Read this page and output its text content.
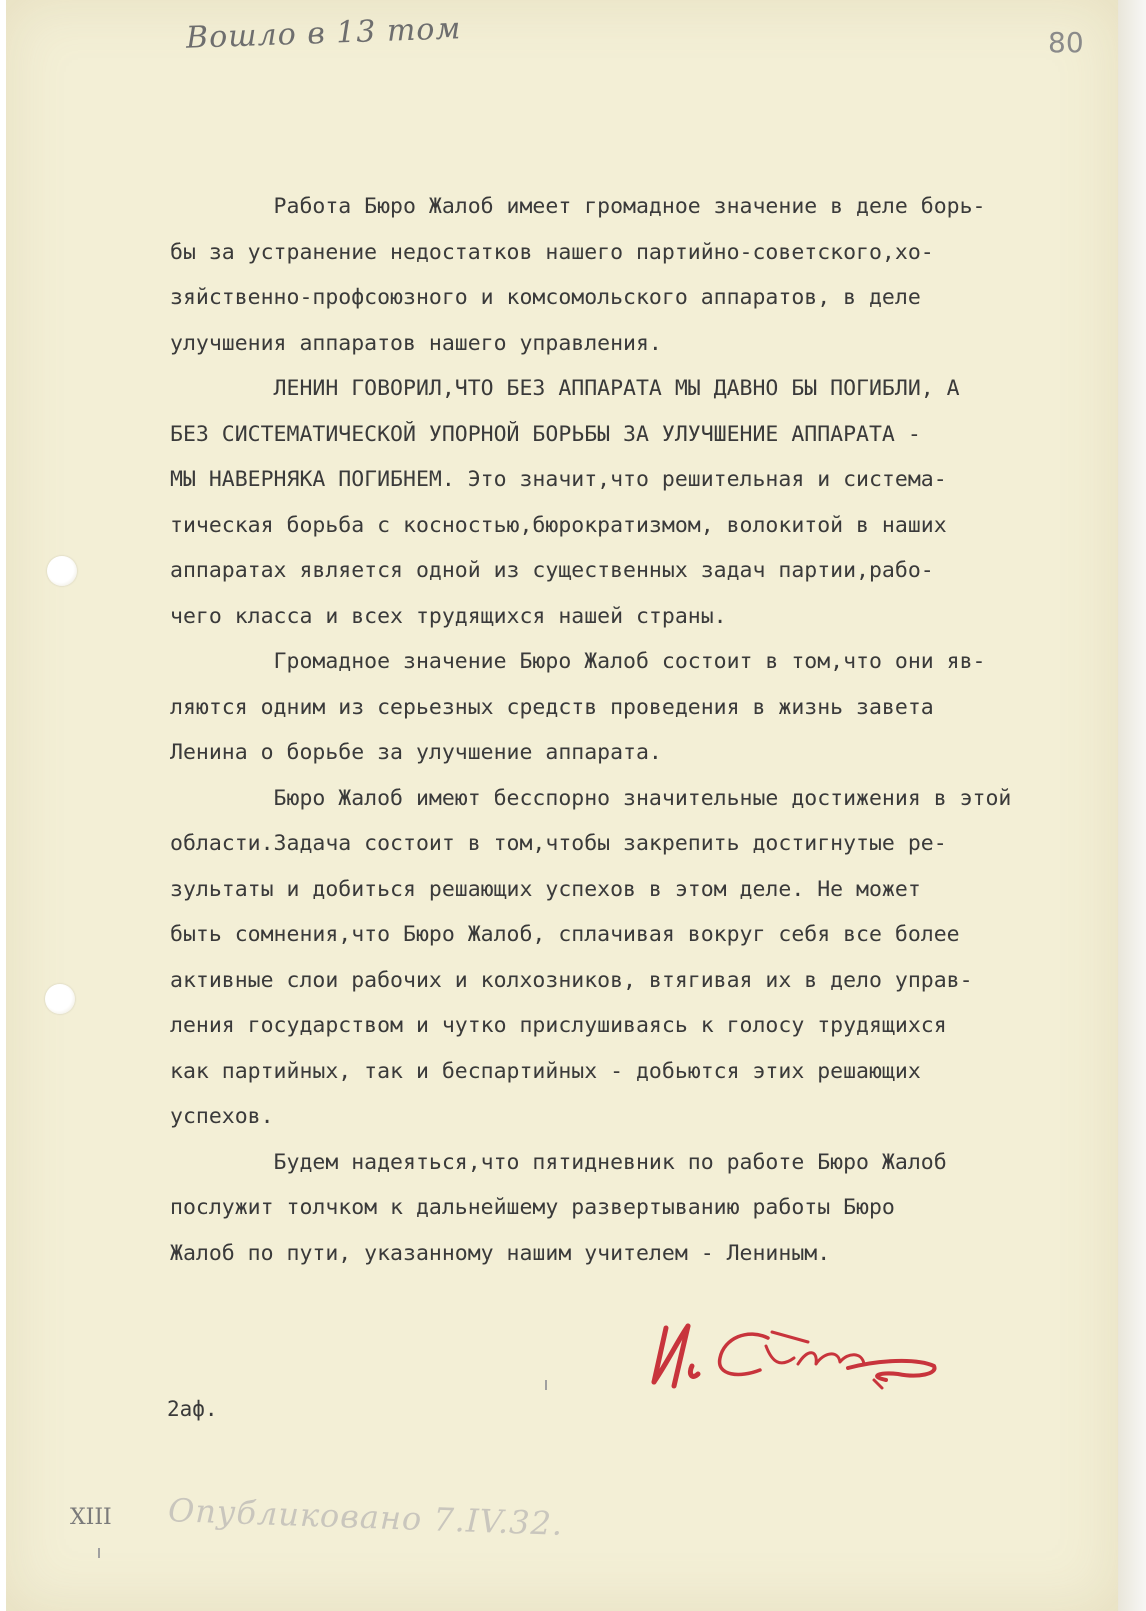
Вошло в 13 том	80
Работа Бюро Жалоб имеет громадное значение в деле борь-
бы за устранение недостатков нашего партийно-советского,хо-
зяйственно-профсоюзного и комсомольского аппаратов, в деле
улучшения аппаратов нашего управления.
ЛЕНИН ГОВОРИЛ,ЧТО БЕЗ АППАРАТА МЫ ДАВНО БЫ ПОГИБЛИ, А
БЕЗ СИСТЕМАТИЧЕСКОЙ УПОРНОЙ БОРЬБЫ ЗА УЛУЧШЕНИЕ АППАРАТА -
МЫ НАВЕРНЯКА ПОГИБНЕМ. Это значит,что решительная и система-
тическая борьба с косностью,бюрократизмом, волокитой в наших
аппаратах является одной из существенных задач партии,рабо-
чего класса и всех трудящихся нашей страны.
Громадное значение Бюро Жалоб состоит в том,что они яв-
ляются одним из серьезных средств проведения в жизнь завета
Ленина о борьбе за улучшение аппарата.
Бюро Жалоб имеют бесспорно значительные достижения в этой
области.Задача состоит в том,чтобы закрепить достигнутые ре-
зультаты и добиться решающих успехов в этом деле. Не может
быть сомнения,что Бюро Жалоб, сплачивая вокруг себя все более
активные слои рабочих и колхозников, втягивая их в дело управ-
ления государством и чутко прислушиваясь к голосу трудящихся
как партийных, так и беспартийных - добьются этих решающих
успехов.
Будем надеяться,что пятидневник по работе Бюро Жалоб
послужит толчком к дальнейшему развертыванию работы Бюро
Жалоб по пути, указанному нашим учителем - Лениным.
2аф.
XIII Опубликовано 7.IV.32.
